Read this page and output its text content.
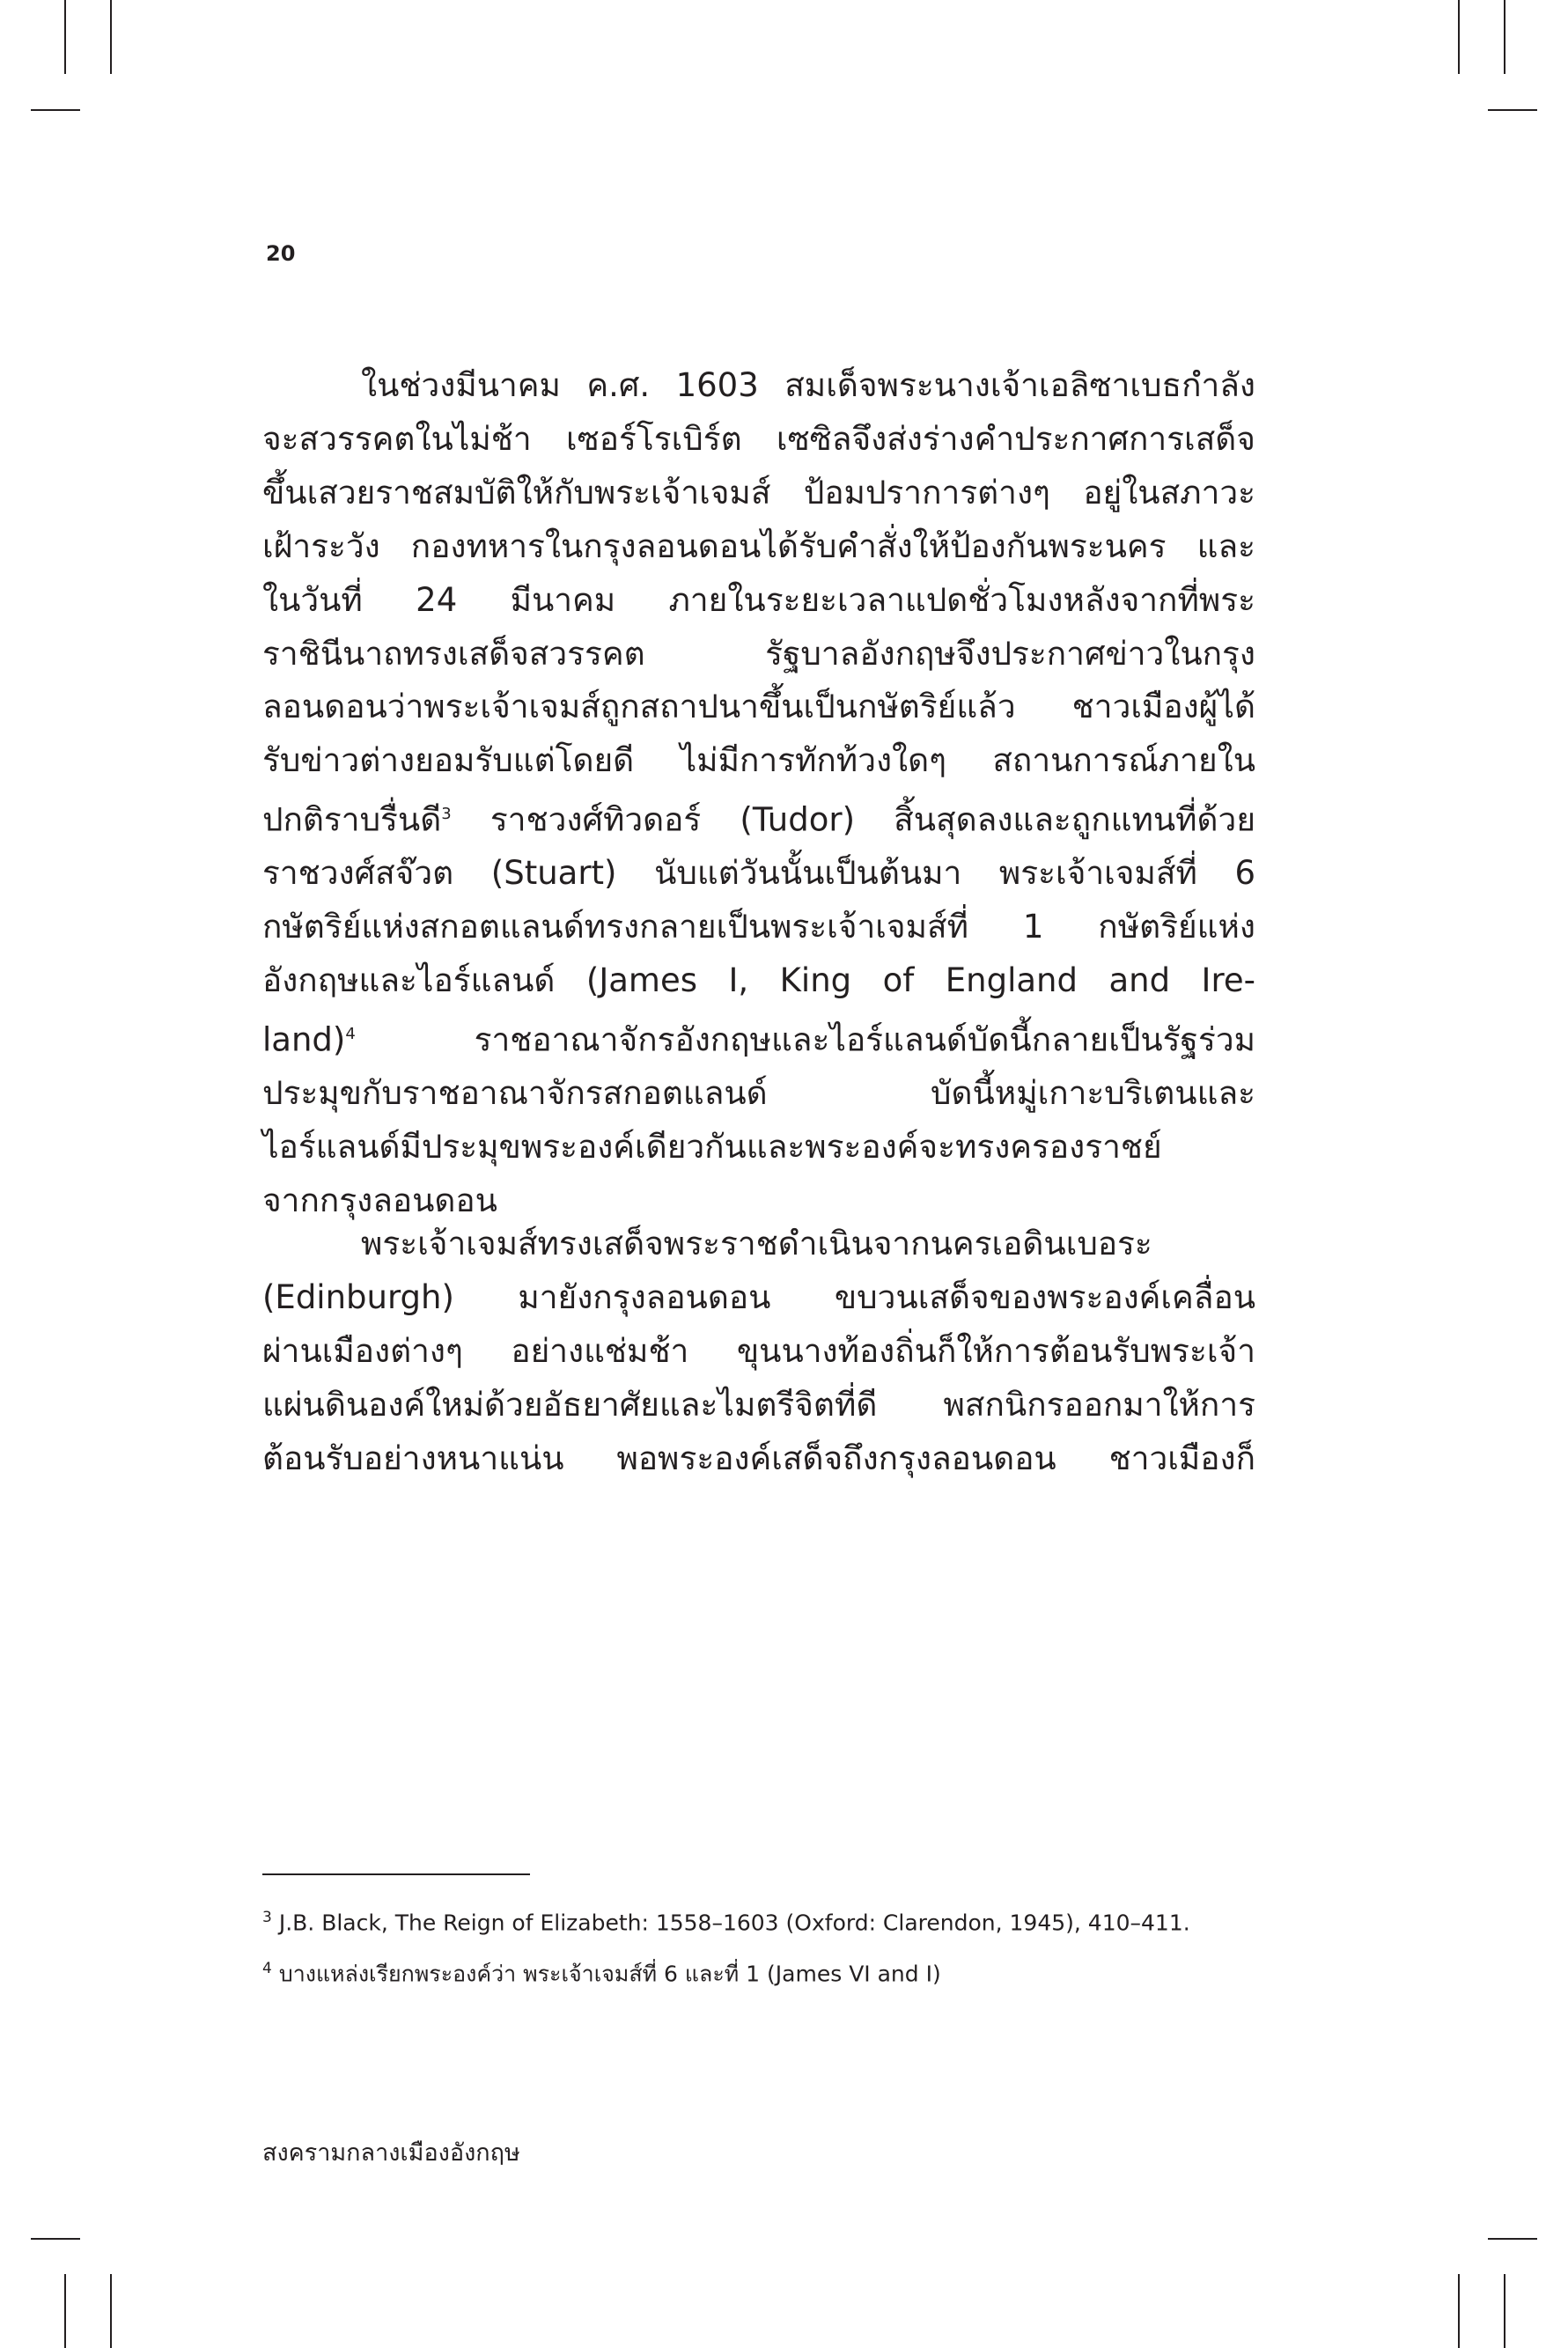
20

ในช่วงมีนาคม ค.ศ. 1603 สมเด็จพระนางเจ้าเอลิซาเบธกำลัง

จะสวรรคตในไม่ช้า เซอร์โรเบิร์ต เซซิลจึงส่งร่างคำประกาศการเสด็จ

ขึ้นเสวยราชสมบัติให้กับพระเจ้าเจมส์ ป้อมปราการต่างๆ อยู่ในสภาวะ

เฝ้าระวัง กองทหารในกรุงลอนดอนได้รับคำสั่งให้ป้องกันพระนคร และ

ในวันที่ 24 มีนาคม ภายในระยะเวลาแปดชั่วโมงหลังจากที่พระ

ราชินีนาถทรงเสด็จสวรรคต รัฐบาลอังกฤษจึงประกาศข่าวในกรุง

ลอนดอนว่าพระเจ้าเจมส์ถูกสถาปนาขึ้นเป็นกษัตริย์แล้ว ชาวเมืองผู้ได้

รับข่าวต่างยอมรับแต่โดยดี ไม่มีการทักท้วงใดๆ สถานการณ์ภายใน

ปกติราบรื่นดี$^3$ ราชวงศ์ทิวดอร์ (Tudor) สิ้นสุดลงและถูกแทนที่ด้วย

ราชวงศ์สจ๊วต (Stuart) นับแต่วันนั้นเป็นต้นมา พระเจ้าเจมส์ที่ 6

กษัตริย์แห่งสกอตแลนด์ทรงกลายเป็นพระเจ้าเจมส์ที่ 1 กษัตริย์แห่ง

อังกฤษและไอร์แลนด์ (James I, King of England and Ire-

land)$^4$	ราชอาณาจักรอังกฤษและไอร์แลนด์บัดนี้กลายเป็นรัฐร่วม

ประมุขกับราชอาณาจักรสกอตแลนด์ บัดนี้หมู่เกาะบริเตนและ

ไอร์แลนด์มีประมุขพระองค์เดียวกันและพระองค์จะทรงครองราชย์

จากกรุงลอนดอน

พระเจ้าเจมส์ทรงเสด็จพระราชดำเนินจากนครเอดินเบอระ

(Edinburgh) มายังกรุงลอนดอน ขบวนเสด็จของพระองค์เคลื่อน

ผ่านเมืองต่างๆ อย่างแช่มช้า ขุนนางท้องถิ่นก็ให้การต้อนรับพระเจ้า

แผ่นดินองค์ใหม่ด้วยอัธยาศัยและไมตรีจิตที่ดี พสกนิกรออกมาให้การ

ต้อนรับอย่างหนาแน่น พอพระองค์เสด็จถึงกรุงลอนดอน ชาวเมืองก็

$^3$ J.B. Black, The Reign of Elizabeth: 1558–1603 (Oxford: Clarendon, 1945), 410–411.
$^4$ บางแหล่งเรียกพระองค์ว่า พระเจ้าเจมส์ที่ 6 และที่ 1 (James VI and I)
สงครามกลางเมืองอังกฤษ
